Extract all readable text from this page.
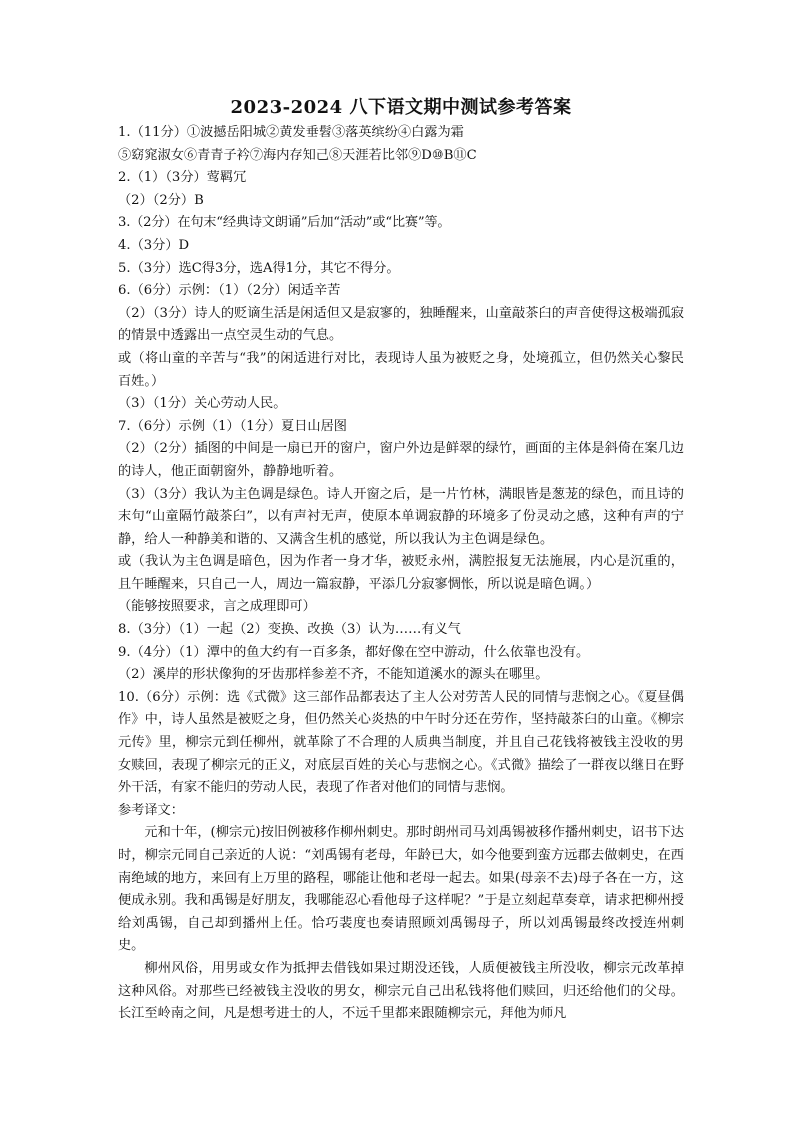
2023-2024 八下语文期中测试参考答案
1.（11分）①波撼岳阳城②黄发垂髫③落英缤纷④白露为霜
⑤窈窕淑女⑥青青子衿⑦海内存知己⑧天涯若比邻⑨D⑩B⑪C
2.（1）（3分）莺羁冗
（2）（2分）B
3.（2分）在句末“经典诗文朗诵”后加“活动”或“比赛”等。
4.（3分）D
5.（3分）选C得3分，选A得1分，其它不得分。
6.（6分）示例：（1）（2分）闲适辛苦
（2）（3分）诗人的贬谪生活是闲适但又是寂寥的，独睡醒来，山童敲茶臼的声音使得这极端孤寂的情景中透露出一点空灵生动的气息。
或（将山童的辛苦与“我”的闲适进行对比，表现诗人虽为被贬之身，处境孤立，但仍然关心黎民百姓。）
（3）（1分）关心劳动人民。
7.（6分）示例（1）（1分）夏日山居图
（2）（2分）插图的中间是一扇已开的窗户，窗户外边是鲜翠的绿竹，画面的主体是斜倚在案几边的诗人，他正面朝窗外，静静地听着。
（3）（3分）我认为主色调是绿色。诗人开窗之后，是一片竹林，满眼皆是葱茏的绿色，而且诗的末句“山童隔竹敲茶臼”，以有声衬无声，使原本单调寂静的环境多了份灵动之感，这种有声的宁静，给人一种静美和谐的、又满含生机的感觉，所以我认为主色调是绿色。
或（我认为主色调是暗色，因为作者一身才华，被贬永州，满腔报复无法施展，内心是沉重的，且午睡醒来，只自己一人，周边一篇寂静，平添几分寂寥惆怅，所以说是暗色调。）
（能够按照要求，言之成理即可）
8.（3分）（1）一起（2）变换、改换（3）认为……有义气
9.（4分）（1）潭中的鱼大约有一百多条，都好像在空中游动，什么依靠也没有。
（2）溪岸的形状像狗的牙齿那样参差不齐，不能知道溪水的源头在哪里。
10.（6分）示例：选《式微》这三部作品都表达了主人公对劳苦人民的同情与悲悯之心。《夏昼偶作》中，诗人虽然是被贬之身，但仍然关心炎热的中午时分还在劳作，坚持敲茶臼的山童。《柳宗元传》里，柳宗元到任柳州，就革除了不合理的人质典当制度，并且自己花钱将被钱主没收的男女赎回，表现了柳宗元的正义，对底层百姓的关心与悲悯之心。《式微》描绘了一群夜以继日在野外干活，有家不能归的劳动人民，表现了作者对他们的同情与悲悯。
参考译文：
元和十年，(柳宗元)按旧例被移作柳州刺史。那时朗州司马刘禹锡被移作播州刺史，诏书下达时，柳宗元同自己亲近的人说：“刘禹锡有老母，年龄已大，如今他要到蛮方远郡去做刺史，在西南绝域的地方，来回有上万里的路程，哪能让他和老母一起去。如果(母亲不去)母子各在一方，这便成永别。我和禹锡是好朋友，我哪能忍心看他母子这样呢？”于是立刻起草奏章，请求把柳州授给刘禹锡，自己却到播州上任。恰巧裴度也奏请照顾刘禹锡母子，所以刘禹锡最终改授连州刺史。
柳州风俗，用男或女作为抵押去借钱如果过期没还钱，人质便被钱主所没收，柳宗元改革掉这种风俗。对那些已经被钱主没收的男女，柳宗元自己出私钱将他们赎回，归还给他们的父母。长江至岭南之间，凡是想考进士的人，不远千里都来跟随柳宗元，拜他为师凡
